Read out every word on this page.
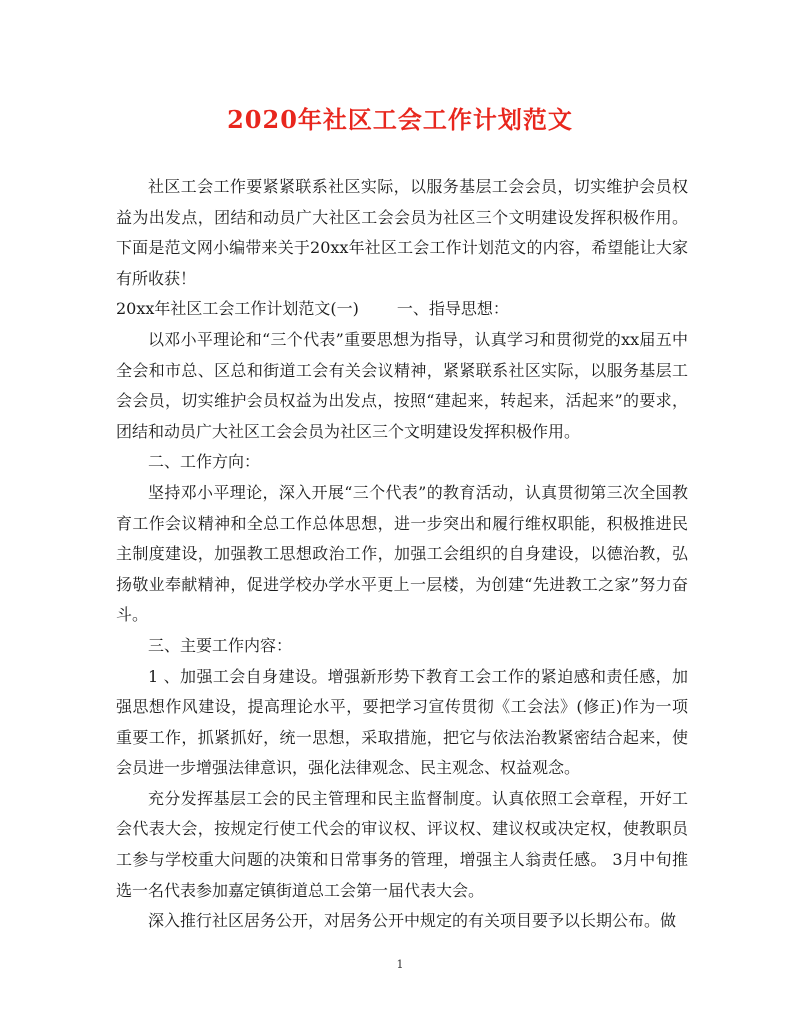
2020年社区工会工作计划范文

社区工会工作要紧紧联系社区实际，以服务基层工会会员，切实维护会员权益为出发点，团结和动员广大社区工会会员为社区三个文明建设发挥积极作用。下面是范文网小编带来关于20xx年社区工会工作计划范文的内容，希望能让大家有所收获！

20xx年社区工会工作计划范文(一) 一、指导思想：

以邓小平理论和“三个代表”重要思想为指导，认真学习和贯彻党的xx届五中全会和市总、区总和街道工会有关会议精神，紧紧联系社区实际，以服务基层工会会员，切实维护会员权益为出发点，按照“建起来，转起来，活起来”的要求，团结和动员广大社区工会会员为社区三个文明建设发挥积极作用。

二、工作方向：

坚持邓小平理论，深入开展“三个代表”的教育活动，认真贯彻第三次全国教育工作会议精神和全总工作总体思想，进一步突出和履行维权职能，积极推进民主制度建设，加强教工思想政治工作，加强工会组织的自身建设，以德治教，弘扬敬业奉献精神，促进学校办学水平更上一层楼，为创建“先进教工之家”努力奋斗。

三、主要工作内容：

1 、加强工会自身建设。增强新形势下教育工会工作的紧迫感和责任感，加强思想作风建设，提高理论水平，要把学习宣传贯彻《工会法》(修正)作为一项重要工作，抓紧抓好，统一思想，采取措施，把它与依法治教紧密结合起来，使会员进一步增强法律意识，强化法律观念、民主观念、权益观念。

充分发挥基层工会的民主管理和民主监督制度。认真依照工会章程，开好工会代表大会，按规定行使工代会的审议权、评议权、建议权或决定权，使教职员工参与学校重大问题的决策和日常事务的管理，增强主人翁责任感。 3月中旬推选一名代表参加嘉定镇街道总工会第一届代表大会。

深入推行社区居务公开，对居务公开中规定的有关项目要予以长期公布。做

1
